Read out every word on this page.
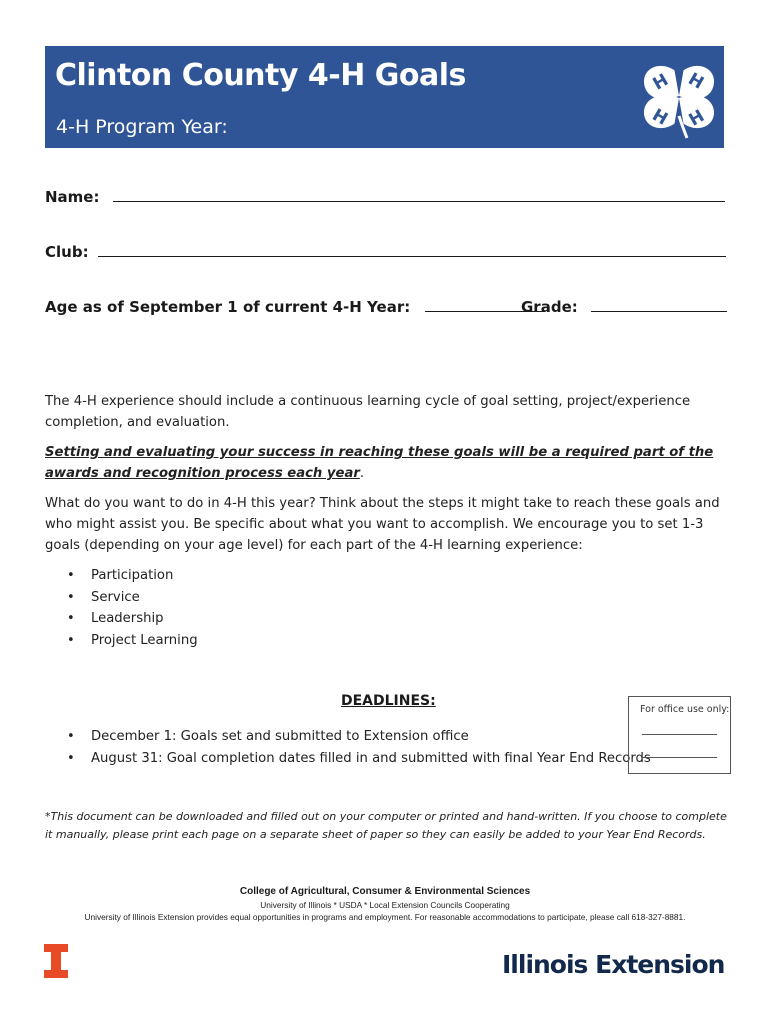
Clinton County 4-H Goals
4-H Program Year:
H H
H H
Name:
Club:
Age as of September 1 of current 4-H Year:	Grade:
The 4-H experience should include a continuous learning cycle of goal setting, project/experience completion, and evaluation.
Setting and evaluating your success in reaching these goals will be a required part of the awards and recognition process each year.
What do you want to do in 4-H this year? Think about the steps it might take to reach these goals and who might assist you. Be specific about what you want to accomplish. We encourage you to set 1-3 goals (depending on your age level) for each part of the 4-H learning experience:
• Participation
• Service
• Leadership
• Project Learning
DEADLINES:
• December 1: Goals set and submitted to Extension office
• August 31: Goal completion dates filled in and submitted with final Year End Records
For office use only:
*This document can be downloaded and filled out on your computer or printed and hand-written. If you choose to complete it manually, please print each page on a separate sheet of paper so they can easily be added to your Year End Records.
College of Agricultural, Consumer & Environmental Sciences
University of Illinois * USDA * Local Extension Councils Cooperating
University of Illinois Extension provides equal opportunities in programs and employment. For reasonable accommodations to participate, please call 618-327-8881.
Illinois Extension
